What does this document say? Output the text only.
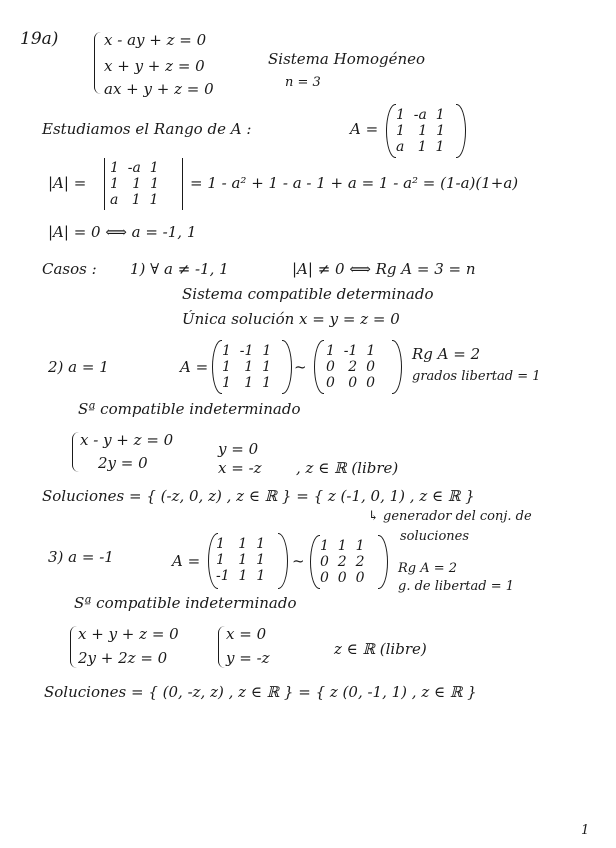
19a)	x - ay + z = 0
x + y + z = 0
ax + y + z = 0
Sistema Homogéneo
n = 3
Estudiamos el Rango de A :	A =
1  -a  1
1   1  1
a   1  1
|A| =
1  -a  1
1   1  1
a   1  1
= 1 - a² + 1 - a - 1 + a = 1 - a² = (1-a)(1+a)
|A| = 0 ⟺ a = -1, 1
Casos : 1) ∀ a ≠ -1, 1	|A| ≠ 0 ⟺ Rg A = 3 = n
Sistema compatible determinado
Única solución x = y = z = 0
2) a = 1	A =
1  -1  1
1   1  1
1   1  1
~
1  -1  1
0   2  0
0   0  0
Rg A = 2
grados libertad = 1
Sª compatible indeterminado
x - y + z = 0
2y = 0
y = 0
x = -z , z ∈ ℝ (libre)
Soluciones = { (-z, 0, z) , z ∈ ℝ } = { z (-1, 0, 1) , z ∈ ℝ }
↳ generador del conj. de
soluciones
3) a = -1	A =
1   1  1
1   1  1
-1  1  1
~
1  1  1
0  2  2
0  0  0
Rg A = 2
g. de libertad = 1
Sª compatible indeterminado
x + y + z = 0
2y + 2z = 0
x = 0
y = -z	z ∈ ℝ (libre)
Soluciones = { (0, -z, z) , z ∈ ℝ } = { z (0, -1, 1) , z ∈ ℝ }
1
